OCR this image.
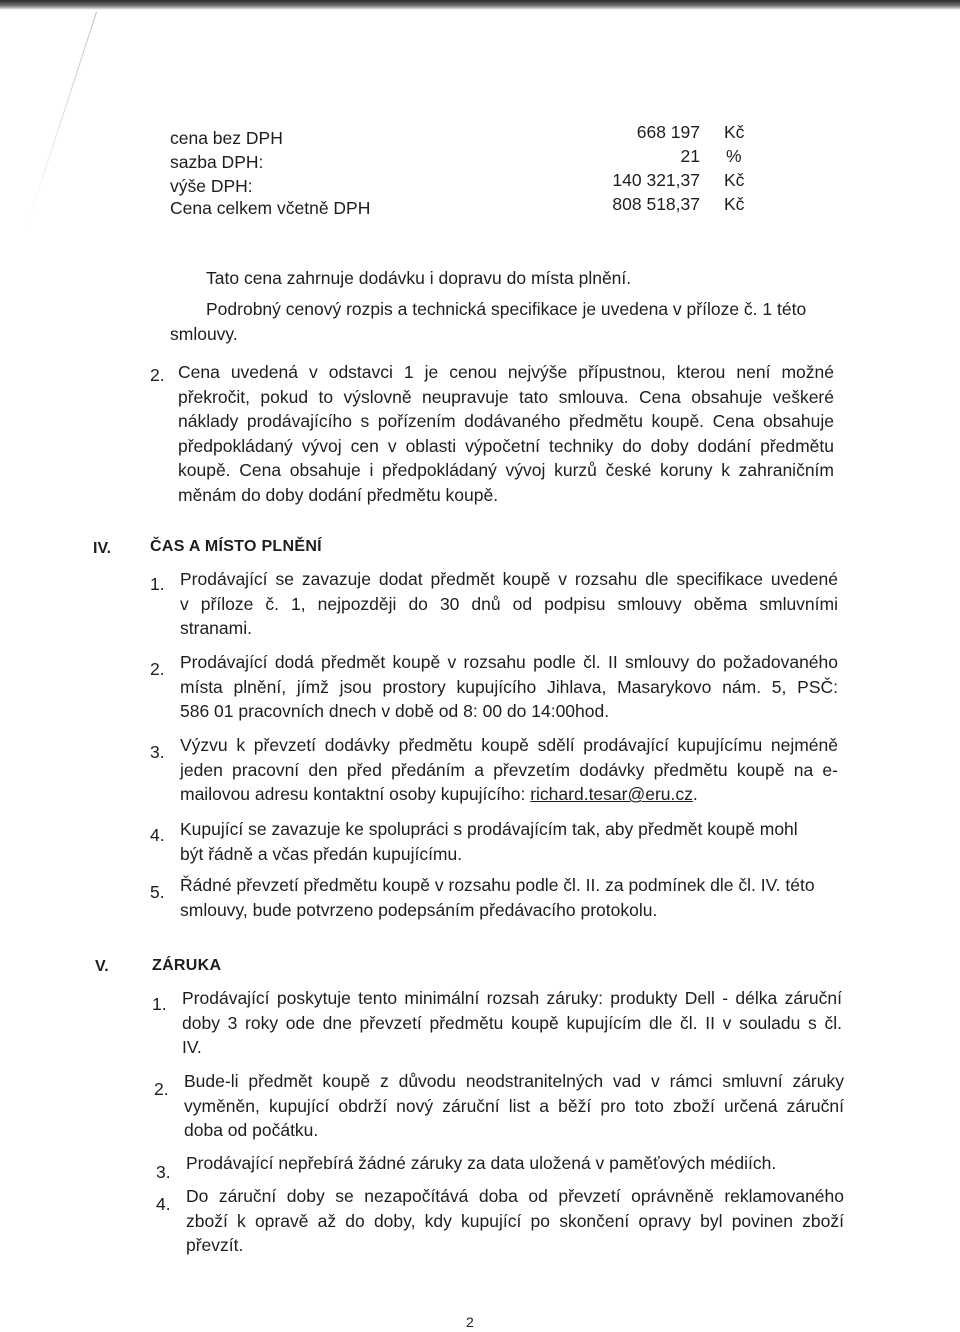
cena bez DPH	668 197 Kč
sazba DPH:	21 %
výše DPH:	140 321,37 Kč
Cena celkem včetně DPH	808 518,37 Kč
Tato cena zahrnuje dodávku i dopravu do místa plnění.
Podrobný cenový rozpis a technická specifikace je uvedena v příloze č. 1 této
smlouvy.
2. Cena uvedená v odstavci 1 je cenou nejvýše přípustnou, kterou není možné
překročit, pokud to výslovně neupravuje tato smlouva. Cena obsahuje veškeré
náklady prodávajícího s pořízením dodávaného předmětu koupě. Cena obsahuje
předpokládaný vývoj cen v oblasti výpočetní techniky do doby dodání předmětu
koupě. Cena obsahuje i předpokládaný vývoj kurzů české koruny k zahraničním
měnám do doby dodání předmětu koupě.
IV. ČAS A MÍSTO PLNĚNÍ
1. Prodávající se zavazuje dodat předmět koupě v rozsahu dle specifikace uvedené
v příloze č. 1, nejpozději do 30 dnů od podpisu smlouvy oběma smluvními
stranami.
2. Prodávající dodá předmět koupě v rozsahu podle čl. II smlouvy do požadovaného
místa plnění, jímž jsou prostory kupujícího Jihlava, Masarykovo nám. 5, PSČ:
586 01 pracovních dnech v době od 8: 00 do 14:00hod.
3. Výzvu k převzetí dodávky předmětu koupě sdělí prodávající kupujícímu nejméně
jeden pracovní den před předáním a převzetím dodávky předmětu koupě na e-
mailovou adresu kontaktní osoby kupujícího: richard.tesar@eru.cz.
4. Kupující se zavazuje ke spolupráci s prodávajícím tak, aby předmět koupě mohl
být řádně a včas předán kupujícímu.
5. Řádné převzetí předmětu koupě v rozsahu podle čl. II. za podmínek dle čl. IV. této
smlouvy, bude potvrzeno podepsáním předávacího protokolu.
V.	ZÁRUKA
1. Prodávající poskytuje tento minimální rozsah záruky: produkty Dell - délka záruční
doby 3 roky ode dne převzetí předmětu koupě kupujícím dle čl. II v souladu s čl.
IV.
2. Bude-li předmět koupě z důvodu neodstranitelných vad v rámci smluvní záruky
vyměněn, kupující obdrží nový záruční list a běží pro toto zboží určená záruční
doba od počátku.
3. Prodávající nepřebírá žádné záruky za data uložená v paměťových médiích.
4. Do záruční doby se nezapočítává doba od převzetí oprávněně reklamovaného
zboží k opravě až do doby, kdy kupující po skončení opravy byl povinen zboží
převzít.
2
